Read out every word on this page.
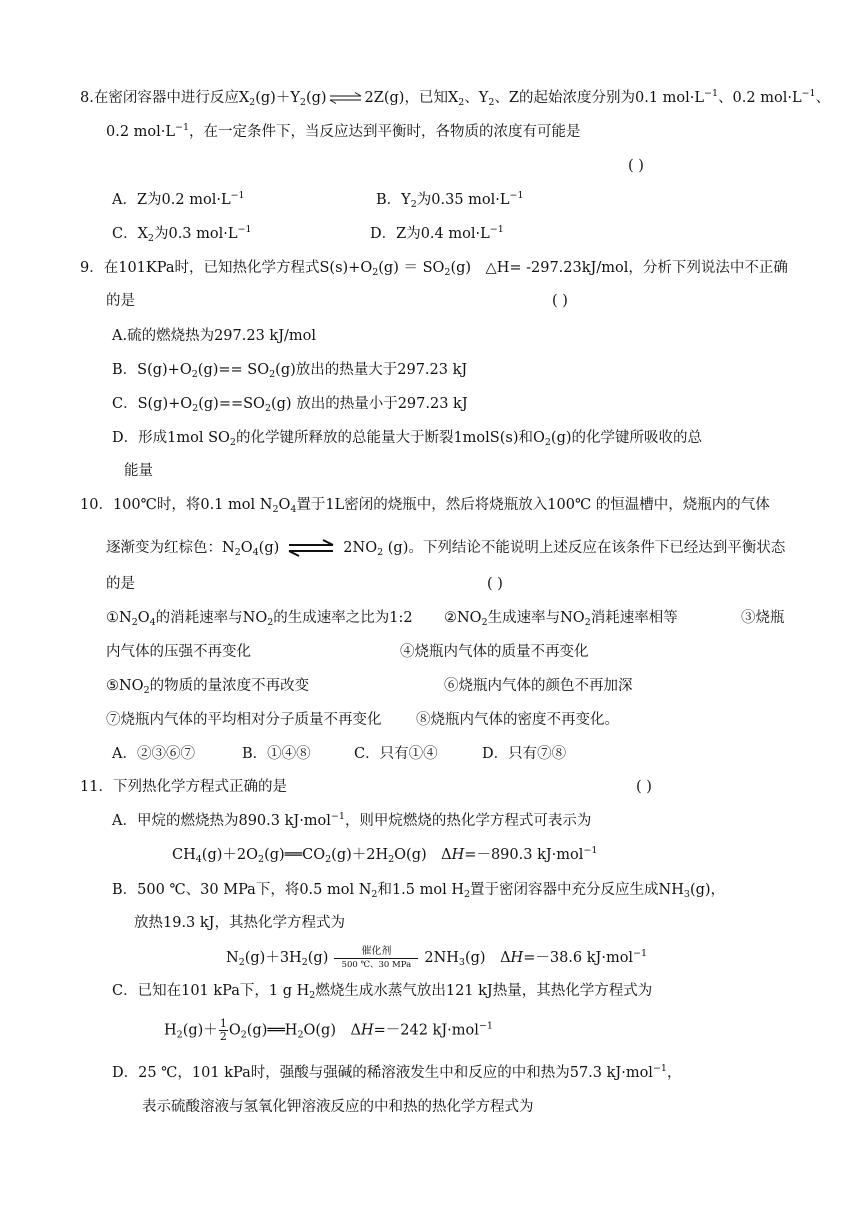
8.在密闭容器中进行反应$X_2(g)+Y_2(g)\rightleftharpoons 2Z(g)$，已知$X_2$、$Y_2$、Z的起始浓度分别为0.1 $mol\cdot L^{-1}$、0.2 $mol\cdot L^{-1}$、
0.2 $mol\cdot L^{-1}$，在一定条件下，当反应达到平衡时，各物质的浓度有可能是
( )
A．Z为0.2 $mol\cdot L^{-1}$	B．$Y_2$为0.35 $mol\cdot L^{-1}$
C．$X_2$为0.3 $mol\cdot L^{-1}$	D．Z为0.4 $mol\cdot L^{-1}$
9．在101KPa时，已知热化学方程式$S(s)+O_2(g) = SO_2(g)$　△H= -297.23kJ/mol，分析下列说法中不正确
的是	( )
A.硫的燃烧热为297.23 kJ/mol
B．$S(g)+O_2(g)== SO_2(g)$放出的热量大于297.23 kJ
C．$S(g)+O_2(g)==SO_2(g)$ 放出的热量小于297.23 kJ
D．形成1mol $SO_2$的化学键所释放的总能量大于断裂1molS(s)和$O_2(g)$的化学键所吸收的总
能量
10．100℃时，将0.1 mol $N_2O_4$置于1L密闭的烧瓶中，然后将烧瓶放入100℃ 的恒温槽中，烧瓶内的气体
逐渐变为红棕色：$N_2O_4(g)$ ⇌ $2NO_2$ (g)。下列结论不能说明上述反应在该条件下已经达到平衡状态
的是	( )
$①N_2O_4$的消耗速率与$NO_2$的生成速率之比为1:2 $②NO_2$生成速率与$NO_2$消耗速率相等	③烧瓶
内气体的压强不再变化	④烧瓶内气体的质量不再变化
$⑤NO_2$的物质的量浓度不再改变	⑥烧瓶内气体的颜色不再加深
⑦烧瓶内气体的平均相对分子质量不再变化 ⑧烧瓶内气体的密度不再变化。
A．②③⑥⑦	B．①④⑧	C．只有①④	D．只有⑦⑧
11．下列热化学方程式正确的是	( )
A．甲烷的燃烧热为890.3 kJ·mol$^{-1}$，则甲烷燃烧的热化学方程式可表示为
$CH_4(g)+2O_2(g)══CO_2(g)+2H_2O(g)$　ΔH=－890.3 kJ·mol$^{-1}$
B．500 ℃、30 MPa下，将0.5 mol $N_2$和1.5 mol $H_2$置于密闭容器中充分反应生成$NH_3(g)$，
放热19.3 kJ，其热化学方程式为
$N_2(g)+3H_2(g)$	催化剂
500 ℃、30 MPa $2NH_3(g)$　ΔH=－38.6 kJ·mol$^{-1}$
C．已知在101 kPa下，1 g $H_2$燃烧生成水蒸气放出121 kJ热量，其热化学方程式为
$H_2(g)+ \frac{1}{2}$ $O_2(g)══H_2O(g)$　ΔH=－242 kJ·mol$^{-1}$
D．25 ℃，101 kPa时，强酸与强碱的稀溶液发生中和反应的中和热为57.3 kJ·mol$^{-1}$，
表示硫酸溶液与氢氧化钾溶液反应的中和热的热化学方程式为
